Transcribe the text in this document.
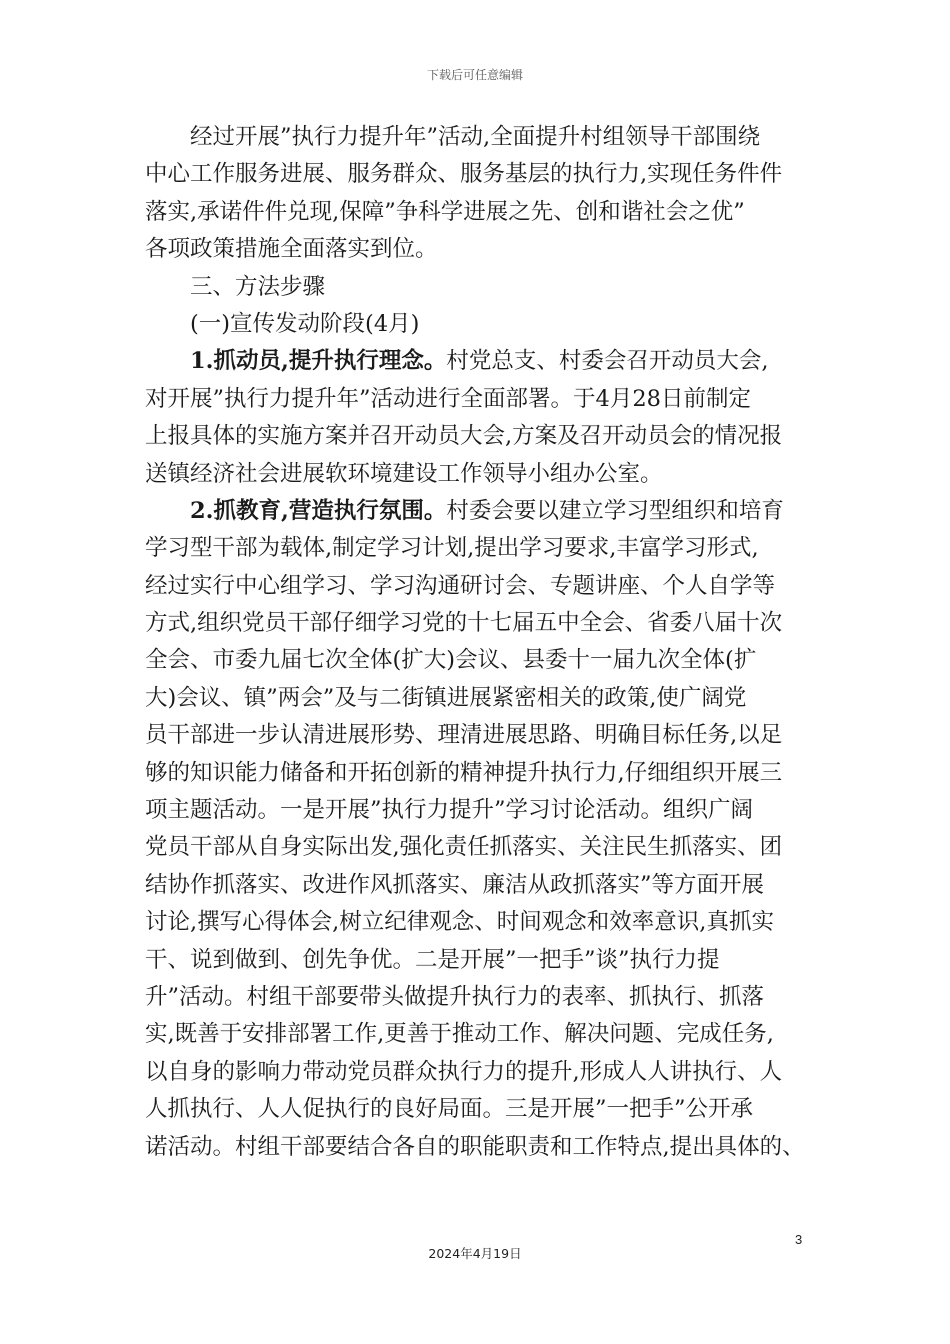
下载后可任意编辑
经过开展”执行力提升年”活动,全面提升村组领导干部围绕
中心工作服务进展、服务群众、服务基层的执行力,实现任务件件
落实,承诺件件兑现,保障”争科学进展之先、创和谐社会之优”
各项政策措施全面落实到位。
三、方法步骤
(一)宣传发动阶段(4月)
1.抓动员,提升执行理念。村党总支、村委会召开动员大会,
对开展”执行力提升年”活动进行全面部署。于4月28日前制定
上报具体的实施方案并召开动员大会,方案及召开动员会的情况报
送镇经济社会进展软环境建设工作领导小组办公室。
2.抓教育,营造执行氛围。村委会要以建立学习型组织和培育
学习型干部为载体,制定学习计划,提出学习要求,丰富学习形式,
经过实行中心组学习、学习沟通研讨会、专题讲座、个人自学等
方式,组织党员干部仔细学习党的十七届五中全会、省委八届十次
全会、市委九届七次全体(扩大)会议、县委十一届九次全体(扩
大)会议、镇”两会”及与二街镇进展紧密相关的政策,使广阔党
员干部进一步认清进展形势、理清进展思路、明确目标任务,以足
够的知识能力储备和开拓创新的精神提升执行力,仔细组织开展三
项主题活动。一是开展”执行力提升”学习讨论活动。组织广阔
党员干部从自身实际出发,强化责任抓落实、关注民生抓落实、团
结协作抓落实、改进作风抓落实、廉洁从政抓落实”等方面开展
讨论,撰写心得体会,树立纪律观念、时间观念和效率意识,真抓实
干、说到做到、创先争优。二是开展”一把手”谈”执行力提
升”活动。村组干部要带头做提升执行力的表率、抓执行、抓落
实,既善于安排部署工作,更善于推动工作、解决问题、完成任务,
以自身的影响力带动党员群众执行力的提升,形成人人讲执行、人
人抓执行、人人促执行的良好局面。三是开展”一把手”公开承
诺活动。村组干部要结合各自的职能职责和工作特点,提出具体的、
3
2024年4月19日
